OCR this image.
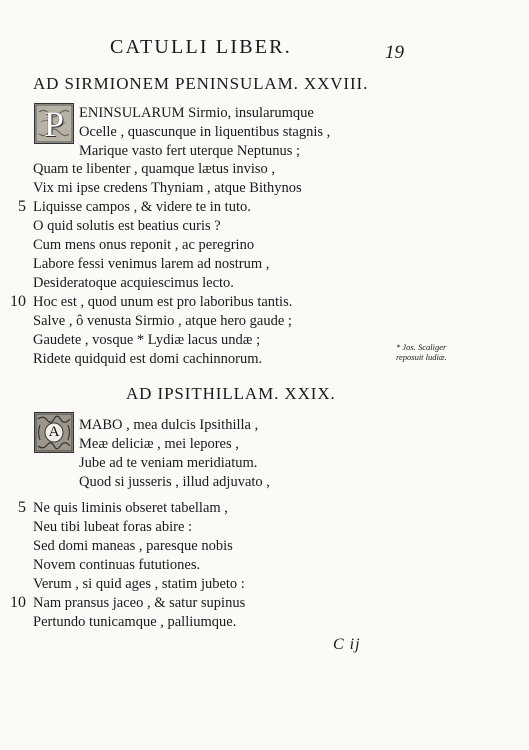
CATULLI LIBER.	19
AD SIRMIONEM PENINSULAM. XXVIII.
P	ENINSULARUM Sirmio, insularumque
Ocelle , quascunque in liquentibus stagnis ,
Marique vasto fert uterque Neptunus ;
Quam te libenter , quamque lætus inviso ,
Vix mi ipse credens Thyniam , atque Bithynos
5 Liquisse campos , & videre te in tuto.
O quid solutis est beatius curis ?
Cum mens onus reponit , ac peregrino
Labore fessi venimus larem ad nostrum ,
Desideratoque acquiescimus lecto.
10 Hoc est , quod unum est pro laboribus tantis.
Salve , ô venusta Sirmio , atque hero gaude ;
Gaudete , vosque * Lydiæ lacus undæ ;
Ridete quidquid est domi cachinnorum.
* Jos. Scaliger reposuit ludiæ.
AD IPSITHILLAM. XXIX.
A	MABO , mea dulcis Ipsithilla ,
Meæ deliciæ , mei lepores ,
Jube ad te veniam meridiatum.
Quod si jusseris , illud adjuvato ,
5 Ne quis liminis obseret tabellam ,
Neu tibi lubeat foras abire :
Sed domi maneas , paresque nobis
Novem continuas fututiones.
Verum , si quid ages , statim jubeto :
10 Nam pransus jaceo , & satur supinus
Pertundo tunicamque , palliumque.
C ij
